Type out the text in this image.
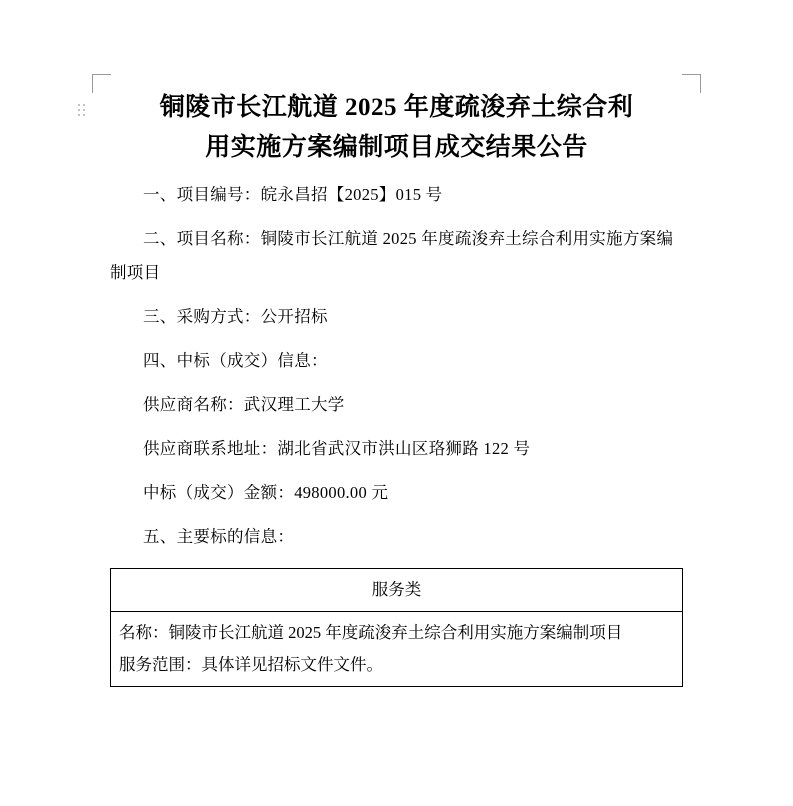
铜陵市长江航道 2025 年度疏浚弃土综合利
用实施方案编制项目成交结果公告

一、项目编号：皖永昌招【2025】015 号

二、项目名称：铜陵市长江航道 2025 年度疏浚弃土综合利用实施方案编制项目

三、采购方式：公开招标

四、中标（成交）信息：

供应商名称：武汉理工大学

供应商联系地址：湖北省武汉市洪山区珞狮路 122 号

中标（成交）金额：498000.00 元

五、主要标的信息：

服务类

名称：铜陵市长江航道 2025 年度疏浚弃土综合利用实施方案编制项目
服务范围：具体详见招标文件文件。
